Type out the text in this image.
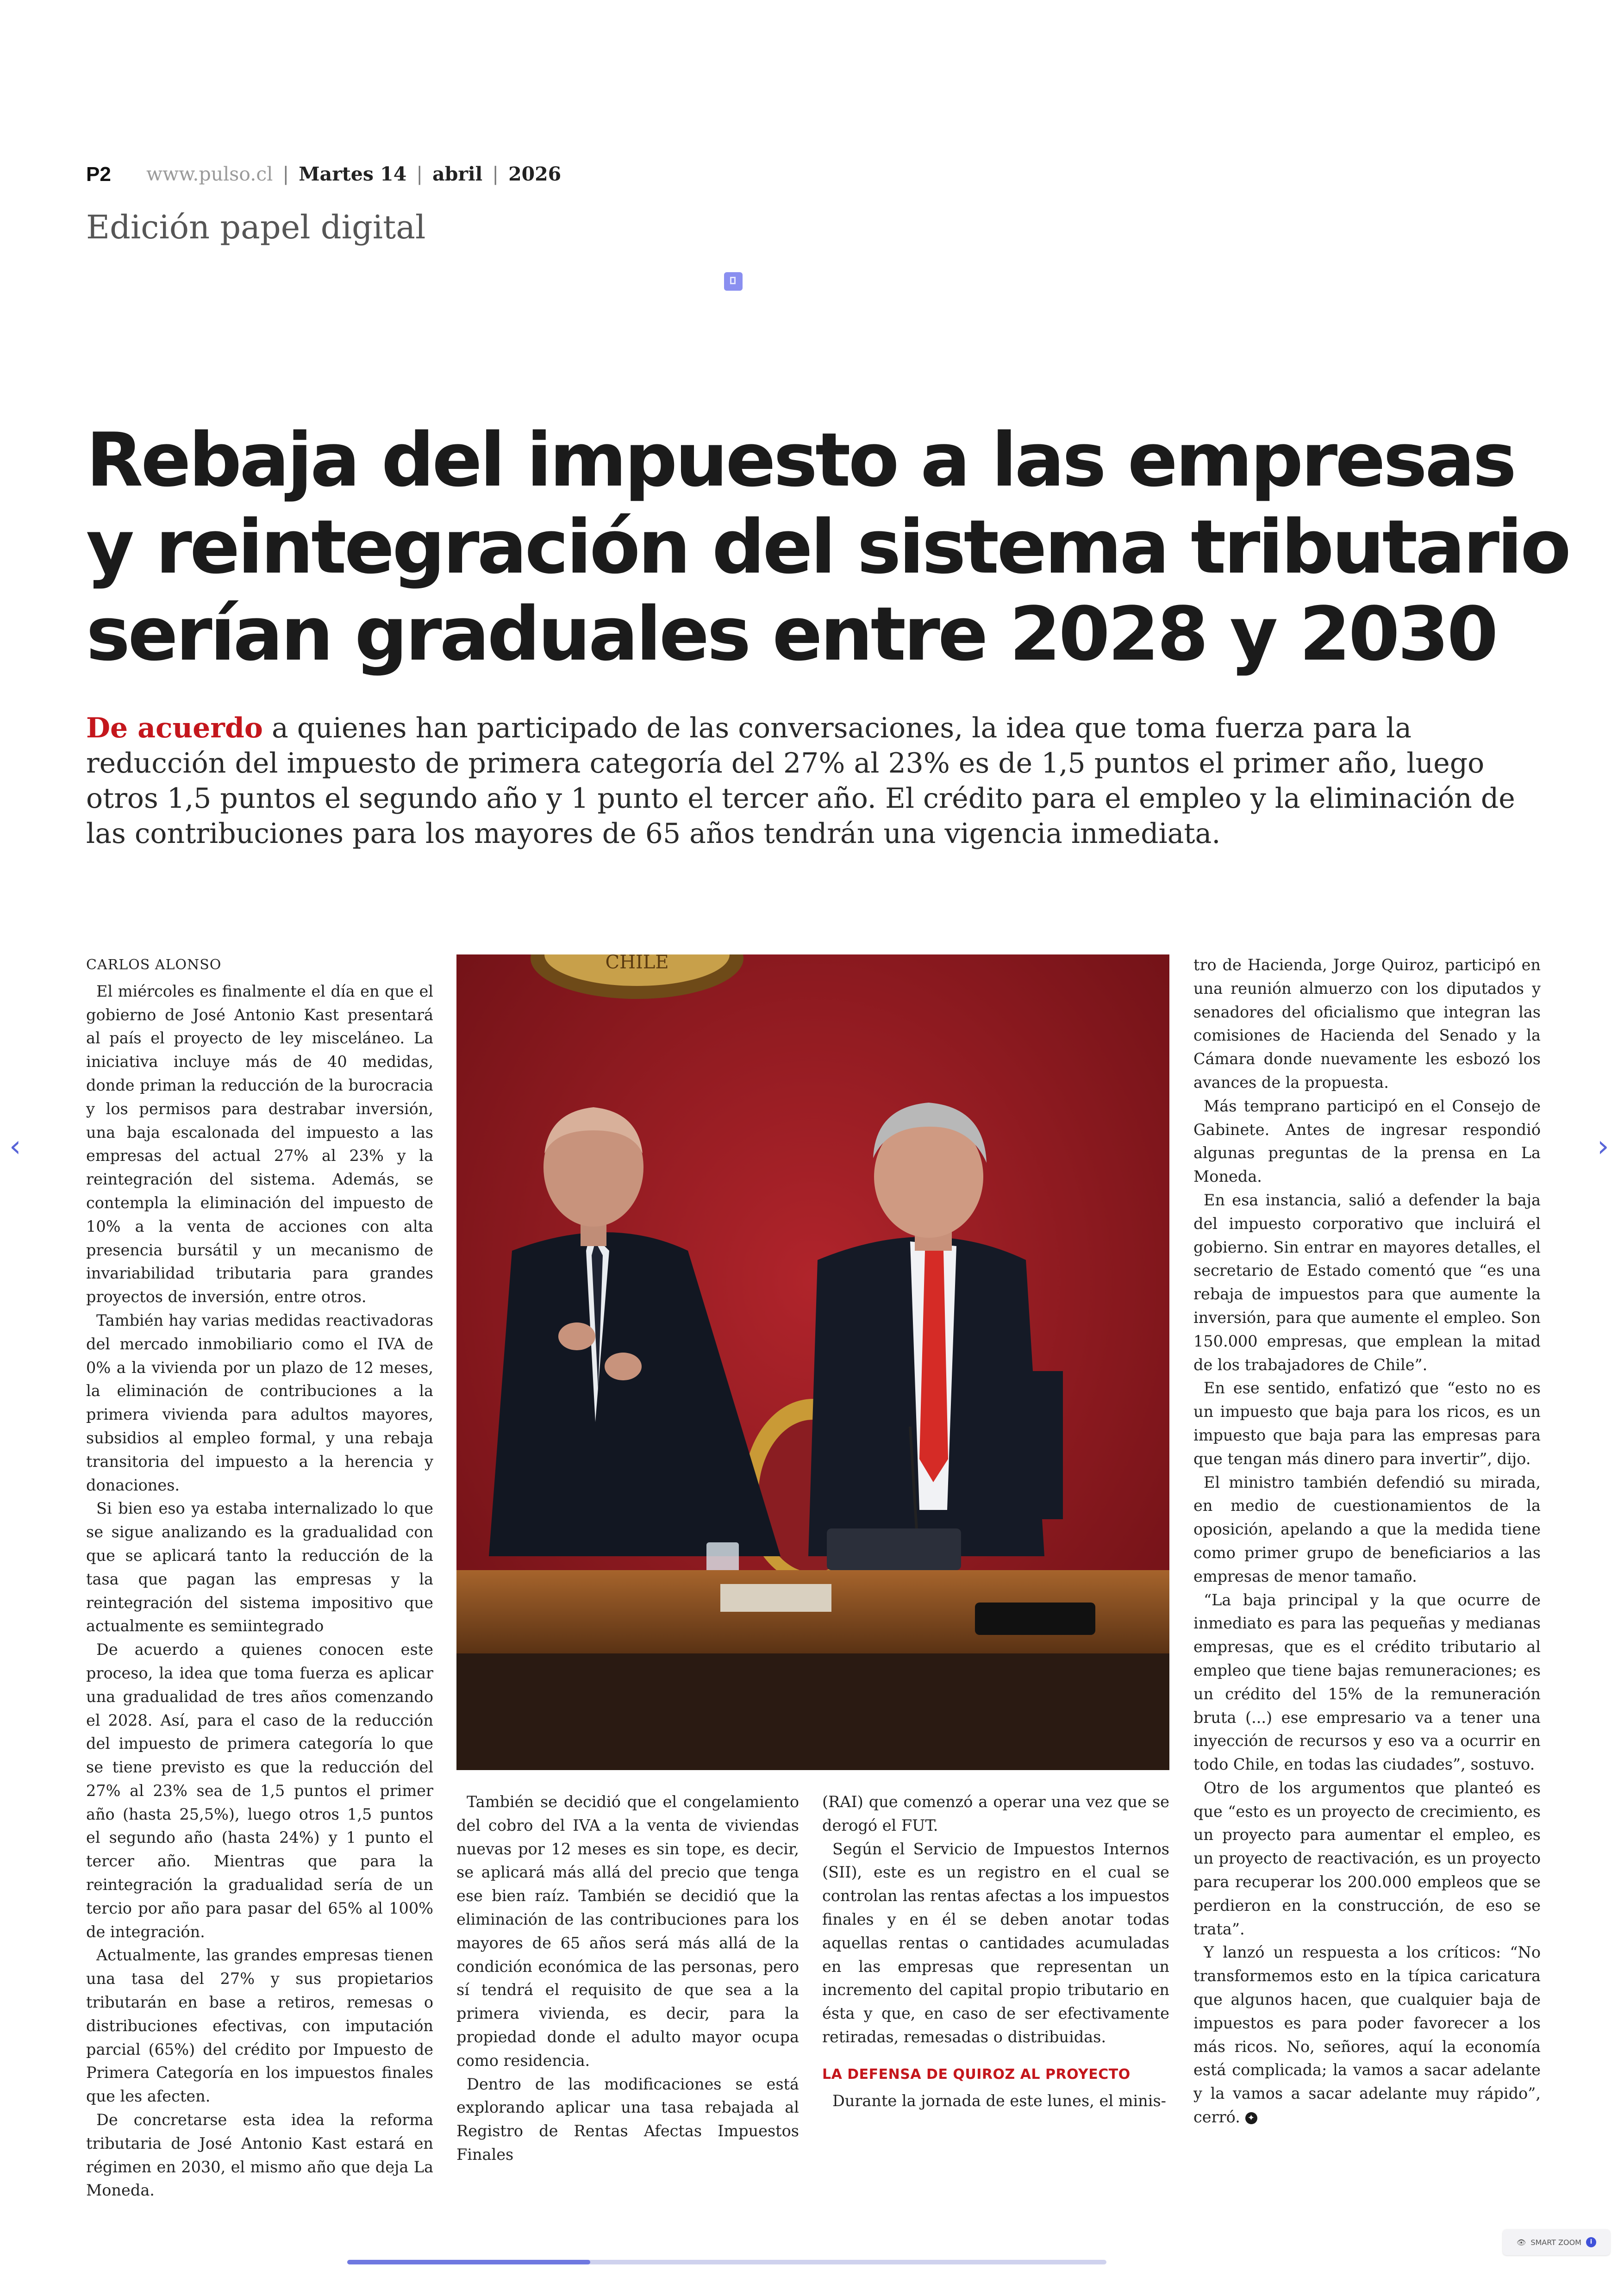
P2 www.pulso.cl | Martes 14 | abril | 2026
Edición papel digital
Rebaja del impuesto a las empresas
y reintegración del sistema tributario
serían graduales entre 2028 y 2030
De acuerdo a quienes han participado de las conversaciones, la idea que toma fuerza para la reducción del impuesto de primera categoría del 27% al 23% es de 1,5 puntos el primer año, luego otros 1,5 puntos el segundo año y 1 punto el tercer año. El crédito para el empleo y la eliminación de las contribuciones para los mayores de 65 años tendrán una vigencia inmediata.

CARLOS ALONSO

El miércoles es finalmente el día en que el gobierno de José Antonio Kast presentará al país el proyecto de ley misceláneo. La iniciativa incluye más de 40 medidas, donde priman la reducción de la burocracia y los permisos para destrabar inversión, una baja escalonada del impuesto a las empresas del actual 27% al 23% y la reintegración del sistema. Además, se contempla la eliminación del impuesto de 10% a la venta de acciones con alta presencia bursátil y un mecanismo de invariabilidad tributaria para grandes proyectos de inversión, entre otros.

También hay varias medidas reactivadoras del mercado inmobiliario como el IVA de 0% a la vivienda por un plazo de 12 meses, la eliminación de contribuciones a la primera vivienda para adultos mayores, subsidios al empleo formal, y una rebaja transitoria del impuesto a la herencia y donaciones.

Si bien eso ya estaba internalizado lo que se sigue analizando es la gradualidad con que se aplicará tanto la reducción de la tasa que pagan las empresas y la reintegración del sistema impositivo que actualmente es semiintegrado

De acuerdo a quienes conocen este proceso, la idea que toma fuerza es aplicar una gradualidad de tres años comenzando el 2028. Así, para el caso de la reducción del impuesto de primera categoría lo que se tiene previsto es que la reducción del 27% al 23% sea de 1,5 puntos el primer año (hasta 25,5%), luego otros 1,5 puntos el segundo año (hasta 24%) y 1 punto el tercer año. Mientras que para la reintegración la gradualidad sería de un tercio por año para pasar del 65% al 100% de integración.

Actualmente, las grandes empresas tienen una tasa del 27% y sus propietarios tributarán en base a retiros, remesas o distribuciones efectivas, con imputación parcial (65%) del crédito por Impuesto de Primera Categoría en los impuestos finales que les afecten.

De concretarse esta idea la reforma tributaria de José Antonio Kast estará en régimen en 2030, el mismo año que deja La Moneda.

CHILE

También se decidió que el congelamiento del cobro del IVA a la venta de viviendas nuevas por 12 meses es sin tope, es decir, se aplicará más allá del precio que tenga ese bien raíz. También se decidió que la eliminación de las contribuciones para los mayores de 65 años será más allá de la condición económica de las personas, pero sí tendrá el requisito de que sea a la primera vivienda, es decir, para la propiedad donde el adulto mayor ocupa como residencia.

Dentro de las modificaciones se está explorando aplicar una tasa rebajada al Registro de Rentas Afectas Impuestos Finales

(RAI) que comenzó a operar una vez que se derogó el FUT.

Según el Servicio de Impuestos Internos (SII), este es un registro en el cual se controlan las rentas afectas a los impuestos finales y en él se deben anotar todas aquellas rentas o cantidades acumuladas en las empresas que representan un incremento del capital propio tributario en ésta y que, en caso de ser efectivamente retiradas, remesadas o distribuidas.

LA DEFENSA DE QUIROZ AL PROYECTO

Durante la jornada de este lunes, el minis-

tro de Hacienda, Jorge Quiroz, participó en una reunión almuerzo con los diputados y senadores del oficialismo que integran las comisiones de Hacienda del Senado y la Cámara donde nuevamente les esbozó los avances de la propuesta.

Más temprano participó en el Consejo de Gabinete. Antes de ingresar respondió algunas preguntas de la prensa en La Moneda.

En esa instancia, salió a defender la baja del impuesto corporativo que incluirá el gobierno. Sin entrar en mayores detalles, el secretario de Estado comentó que “es una rebaja de impuestos para que aumente la inversión, para que aumente el empleo. Son 150.000 empresas, que emplean la mitad de los trabajadores de Chile”.

En ese sentido, enfatizó que “esto no es un impuesto que baja para los ricos, es un impuesto que baja para las empresas para que tengan más dinero para invertir”, dijo.

El ministro también defendió su mirada, en medio de cuestionamientos de la oposición, apelando a que la medida tiene como primer grupo de beneficiarios a las empresas de menor tamaño.

“La baja principal y la que ocurre de inmediato es para las pequeñas y medianas empresas, que es el crédito tributario al empleo que tiene bajas remuneraciones; es un crédito del 15% de la remuneración bruta (...) ese empresario va a tener una inyección de recursos y eso va a ocurrir en todo Chile, en todas las ciudades”, sostuvo.

Otro de los argumentos que planteó es que “esto es un proyecto de crecimiento, es un proyecto para aumentar el empleo, es un proyecto de reactivación, es un proyecto para recuperar los 200.000 empleos que se perdieron en la construcción, de eso se trata”.

Y lanzó un respuesta a los críticos: “No transformemos esto en la típica caricatura que algunos hacen, que cualquier baja de impuestos es para poder favorecer a los más ricos. No, señores, aquí la economía está complicada; la vamos a sacar adelante y la vamos a sacar adelante muy rápido”, cerró. ✦

‹	›
👁 SMART ZOOM	i
